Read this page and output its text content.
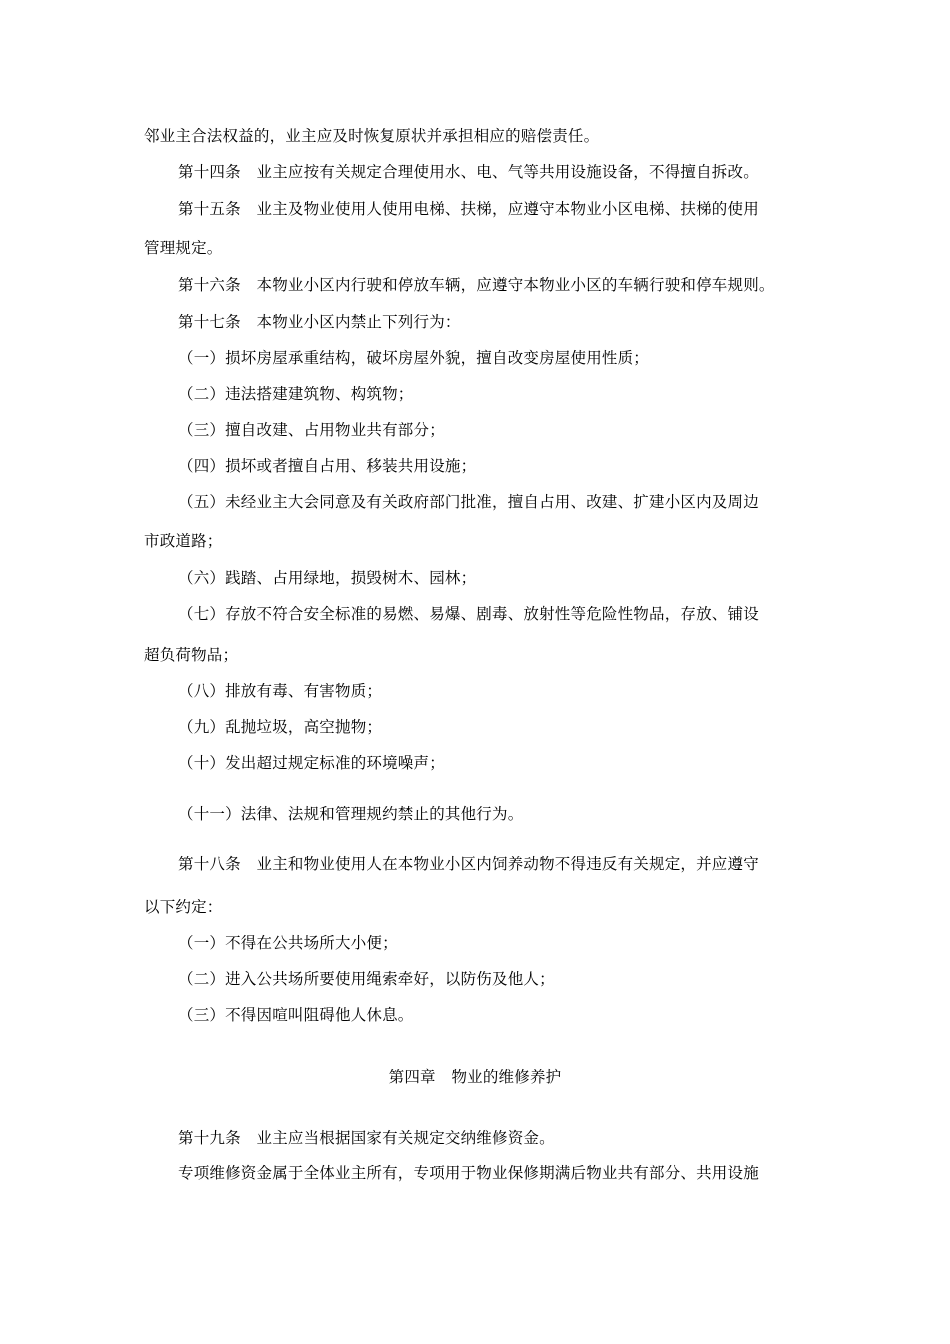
邻业主合法权益的，业主应及时恢复原状并承担相应的赔偿责任。
第十四条　业主应按有关规定合理使用水、电、气等共用设施设备，不得擅自拆改。
第十五条　业主及物业使用人使用电梯、扶梯，应遵守本物业小区电梯、扶梯的使用
管理规定。
第十六条　本物业小区内行驶和停放车辆，应遵守本物业小区的车辆行驶和停车规则。
第十七条　本物业小区内禁止下列行为：
（一）损坏房屋承重结构，破坏房屋外貌，擅自改变房屋使用性质；
（二）违法搭建建筑物、构筑物；
（三）擅自改建、占用物业共有部分；
（四）损坏或者擅自占用、移装共用设施；
（五）未经业主大会同意及有关政府部门批准，擅自占用、改建、扩建小区内及周边
市政道路；
（六）践踏、占用绿地，损毁树木、园林；
（七）存放不符合安全标准的易燃、易爆、剧毒、放射性等危险性物品，存放、铺设
超负荷物品；
（八）排放有毒、有害物质；
（九）乱抛垃圾，高空抛物；
（十）发出超过规定标准的环境噪声；
（十一）法律、法规和管理规约禁止的其他行为。
第十八条　业主和物业使用人在本物业小区内饲养动物不得违反有关规定，并应遵守
以下约定：
（一）不得在公共场所大小便；
（二）进入公共场所要使用绳索牵好，以防伤及他人；
（三）不得因喧叫阻碍他人休息。
第四章　物业的维修养护
第十九条　业主应当根据国家有关规定交纳维修资金。
专项维修资金属于全体业主所有，专项用于物业保修期满后物业共有部分、共用设施
